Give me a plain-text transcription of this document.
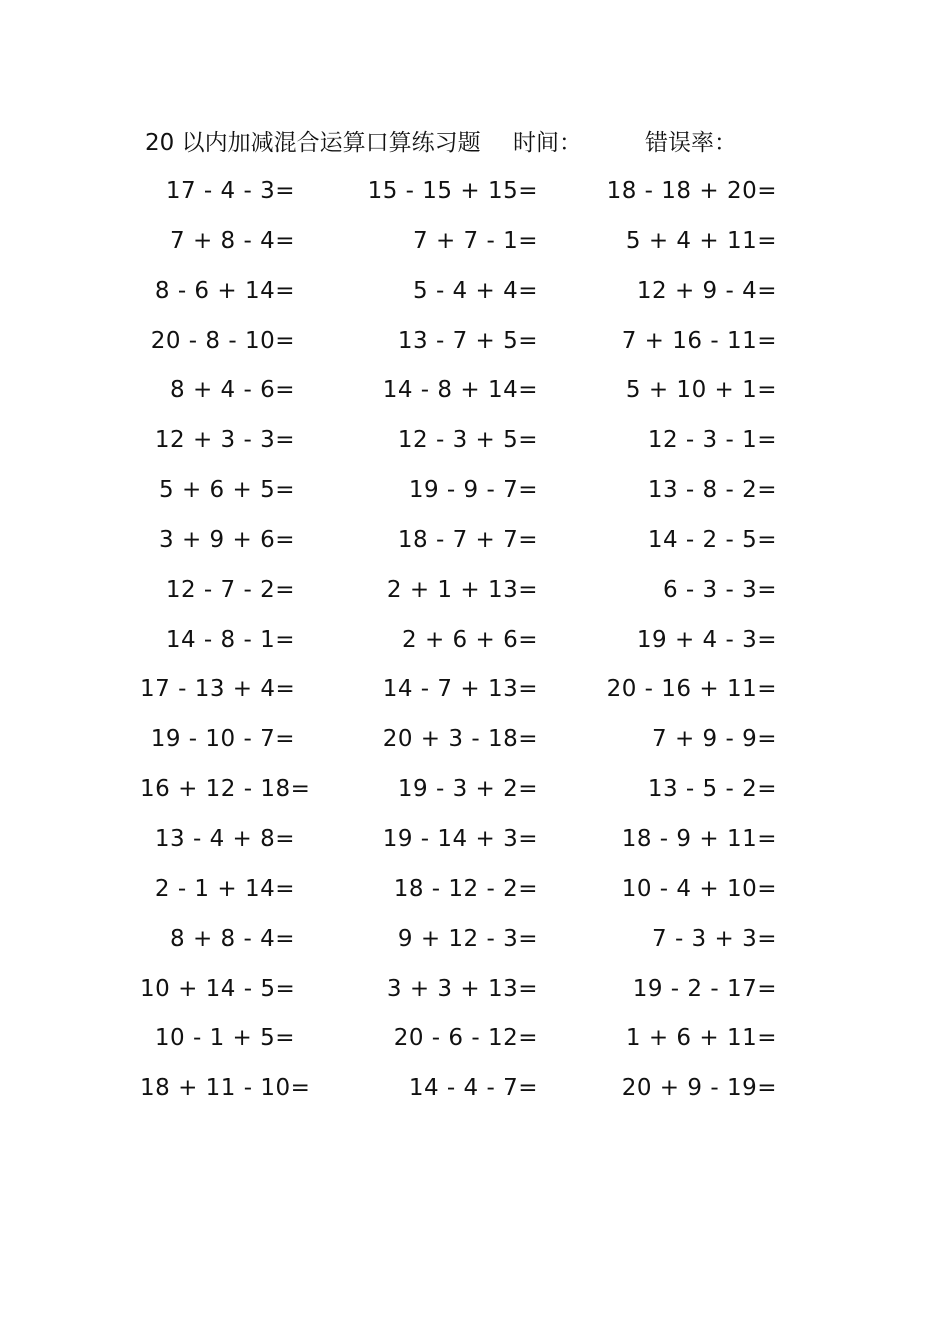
20 以内加减混合运算口算练习题 时间：	错误率：
17 - 4 - 3=	15 - 15 + 15=	18 - 18 + 20=
7 + 8 - 4=	7 + 7 - 1=	5 + 4 + 11=
8 - 6 + 14=	5 - 4 + 4=	12 + 9 - 4=
20 - 8 - 10=	13 - 7 + 5=	7 + 16 - 11=
8 + 4 - 6=	14 - 8 + 14=	5 + 10 + 1=
12 + 3 - 3=	12 - 3 + 5=	12 - 3 - 1=
5 + 6 + 5=	19 - 9 - 7=	13 - 8 - 2=
3 + 9 + 6=	18 - 7 + 7=	14 - 2 - 5=
12 - 7 - 2=	2 + 1 + 13=	6 - 3 - 3=
14 - 8 - 1=	2 + 6 + 6=	19 + 4 - 3=
17 - 13 + 4=	14 - 7 + 13=	20 - 16 + 11=
19 - 10 - 7=	20 + 3 - 18=	7 + 9 - 9=
16 + 12 - 18=	19 - 3 + 2=	13 - 5 - 2=
13 - 4 + 8=	19 - 14 + 3=	18 - 9 + 11=
2 - 1 + 14=	18 - 12 - 2=	10 - 4 + 10=
8 + 8 - 4=	9 + 12 - 3=	7 - 3 + 3=
10 + 14 - 5=	3 + 3 + 13=	19 - 2 - 17=
10 - 1 + 5=	20 - 6 - 12=	1 + 6 + 11=
18 + 11 - 10=	14 - 4 - 7=	20 + 9 - 19=
